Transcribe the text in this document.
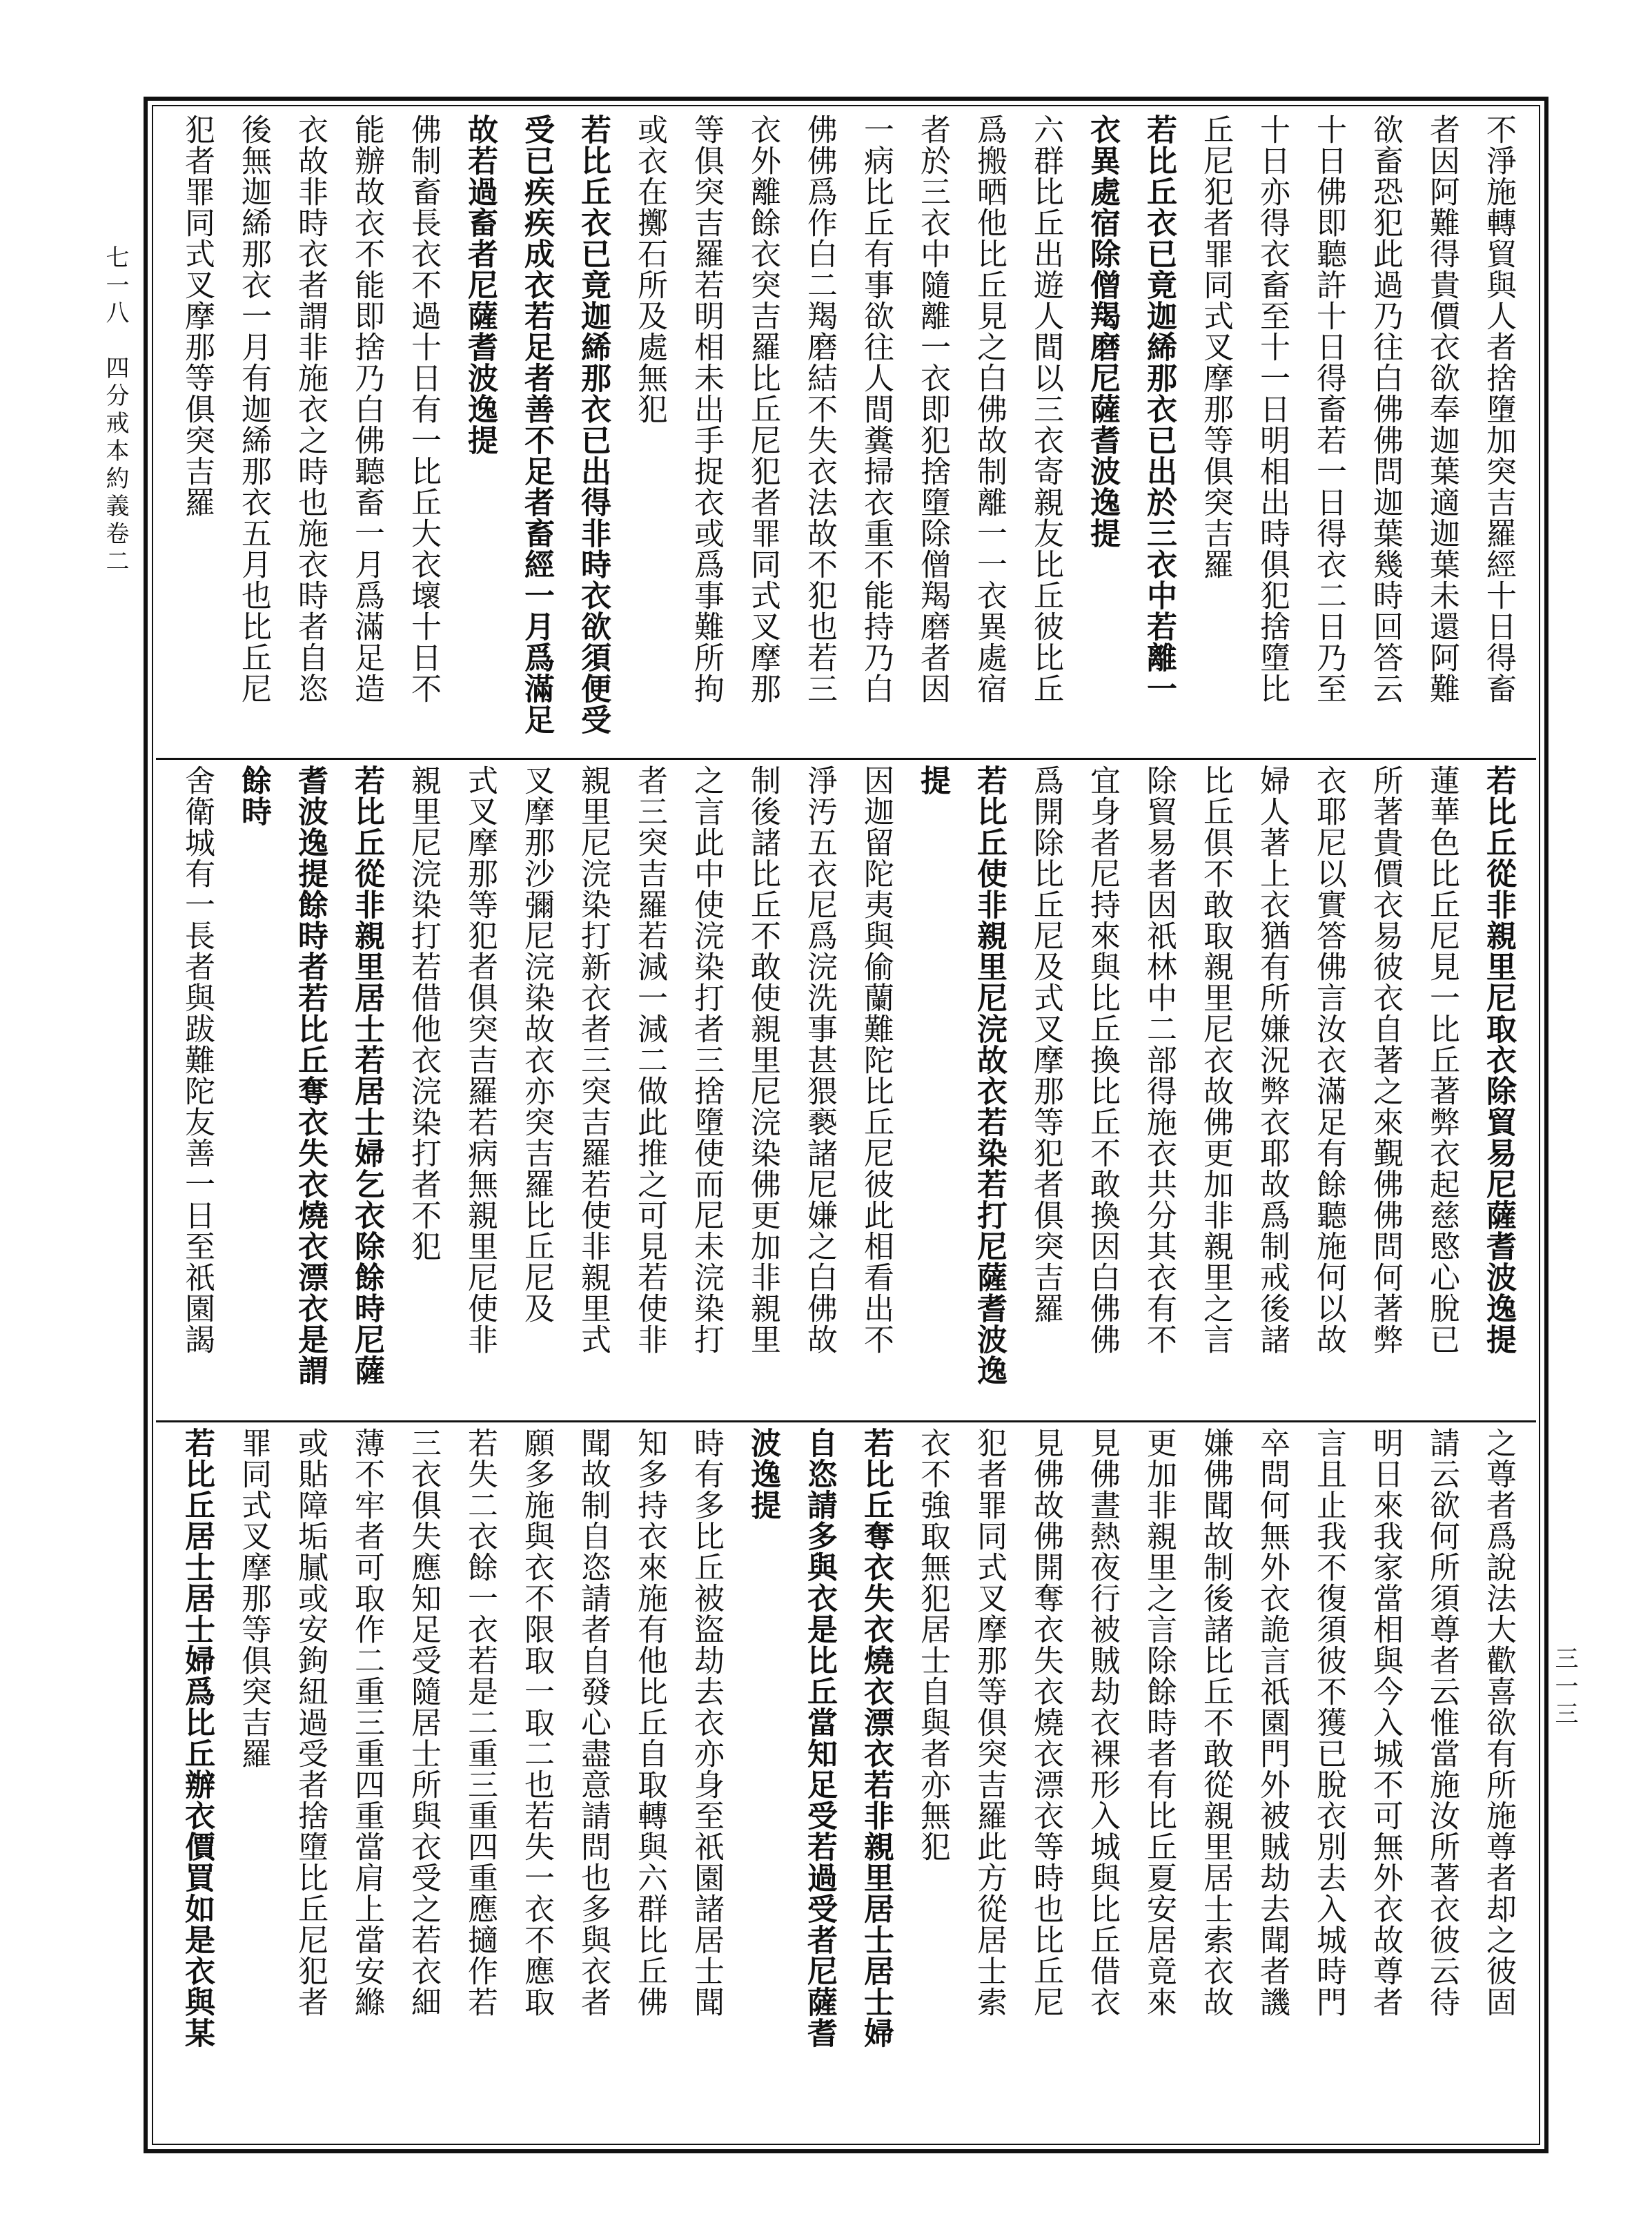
七一八　四分戒本約義卷二
三一三
不淨施轉貿與人者捨墮加突吉羅經十日得畜
者因阿難得貴價衣欲奉迦葉適迦葉未還阿難
欲畜恐犯此過乃往白佛佛問迦葉幾時回答云
十日佛即聽許十日得畜若一日得衣二日乃至
十日亦得衣畜至十一日明相出時俱犯捨墮比
丘尼犯者罪同式叉摩那等俱突吉羅
若比丘衣已竟迦絺那衣已出於三衣中若離一
衣異處宿除僧羯磨尼薩耆波逸提
六群比丘出遊人間以三衣寄親友比丘彼比丘
爲搬晒他比丘見之白佛故制離一一衣異處宿
者於三衣中隨離一衣即犯捨墮除僧羯磨者因
一病比丘有事欲往人間糞掃衣重不能持乃白
佛佛爲作白二羯磨結不失衣法故不犯也若三
衣外離餘衣突吉羅比丘尼犯者罪同式叉摩那
等俱突吉羅若明相未出手捉衣或爲事難所拘
或衣在擲石所及處無犯
若比丘衣已竟迦絺那衣已出得非時衣欲須便受
受已疾疾成衣若足者善不足者畜經一月爲滿足
故若過畜者尼薩耆波逸提
佛制畜長衣不過十日有一比丘大衣壞十日不
能辦故衣不能即捨乃白佛聽畜一月爲滿足造
衣故非時衣者謂非施衣之時也施衣時者自恣
後無迦絺那衣一月有迦絺那衣五月也比丘尼
犯者罪同式叉摩那等俱突吉羅
若比丘從非親里尼取衣除貿易尼薩耆波逸提
蓮華色比丘尼見一比丘著弊衣起慈愍心脫已
所著貴價衣易彼衣自著之來覲佛佛問何著弊
衣耶尼以實答佛言汝衣滿足有餘聽施何以故
婦人著上衣猶有所嫌況弊衣耶故爲制戒後諸
比丘俱不敢取親里尼衣故佛更加非親里之言
除貿易者因祇林中二部得施衣共分其衣有不
宜身者尼持來與比丘換比丘不敢換因白佛佛
爲開除比丘尼及式叉摩那等犯者俱突吉羅
若比丘使非親里尼浣故衣若染若打尼薩耆波逸
提
因迦留陀夷與偷蘭難陀比丘尼彼此相看出不
淨汚五衣尼爲浣洗事甚猥褻諸尼嫌之白佛故
制後諸比丘不敢使親里尼浣染佛更加非親里
之言此中使浣染打者三捨墮使而尼未浣染打
者三突吉羅若減一減二做此推之可見若使非
親里尼浣染打新衣者三突吉羅若使非親里式
叉摩那沙彌尼浣染故衣亦突吉羅比丘尼及
式叉摩那等犯者俱突吉羅若病無親里尼使非
親里尼浣染打若借他衣浣染打者不犯
若比丘從非親里居士若居士婦乞衣除餘時尼薩
耆波逸提餘時者若比丘奪衣失衣燒衣漂衣是謂
餘時
舍衛城有一長者與跋難陀友善一日至祇園謁
之尊者爲說法大歡喜欲有所施尊者却之彼固
請云欲何所須尊者云惟當施汝所著衣彼云待
明日來我家當相與今入城不可無外衣故尊者
言且止我不復須彼不獲已脫衣別去入城時門
卒問何無外衣詭言祇園門外被賊劫去聞者譏
嫌佛聞故制後諸比丘不敢從親里居士索衣故
更加非親里之言除餘時者有比丘夏安居竟來
見佛晝熱夜行被賊劫衣裸形入城與比丘借衣
見佛故佛開奪衣失衣燒衣漂衣等時也比丘尼
犯者罪同式叉摩那等俱突吉羅此方從居士索
衣不強取無犯居士自與者亦無犯
若比丘奪衣失衣燒衣漂衣若非親里居士居士婦
自恣請多與衣是比丘當知足受若過受者尼薩耆
波逸提
時有多比丘被盜劫去衣亦身至祇園諸居士聞
知多持衣來施有他比丘自取轉與六群比丘佛
聞故制自恣請者自發心盡意請問也多與衣者
願多施與衣不限取一取二也若失一衣不應取
若失二衣餘一衣若是二重三重四重應擿作若
三衣俱失應知足受隨居士所與衣受之若衣細
薄不牢者可取作二重三重四重當肩上當安縧
或貼障垢膩或安鉤紐過受者捨墮比丘尼犯者
罪同式叉摩那等俱突吉羅
若比丘居士居士婦爲比丘辦衣價買如是衣與某
